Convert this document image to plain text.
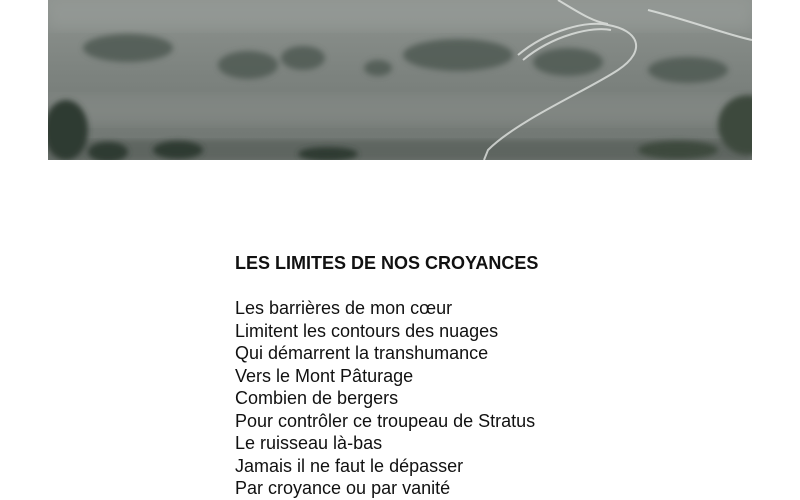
LES LIMITES DE NOS CROYANCES
Les barrières de mon cœur
Limitent les contours des nuages
Qui démarrent la transhumance
Vers le Mont Pâturage
Combien de bergers
Pour contrôler ce troupeau de Stratus
Le ruisseau là-bas
Jamais il ne faut le dépasser
Par croyance ou par vanité
